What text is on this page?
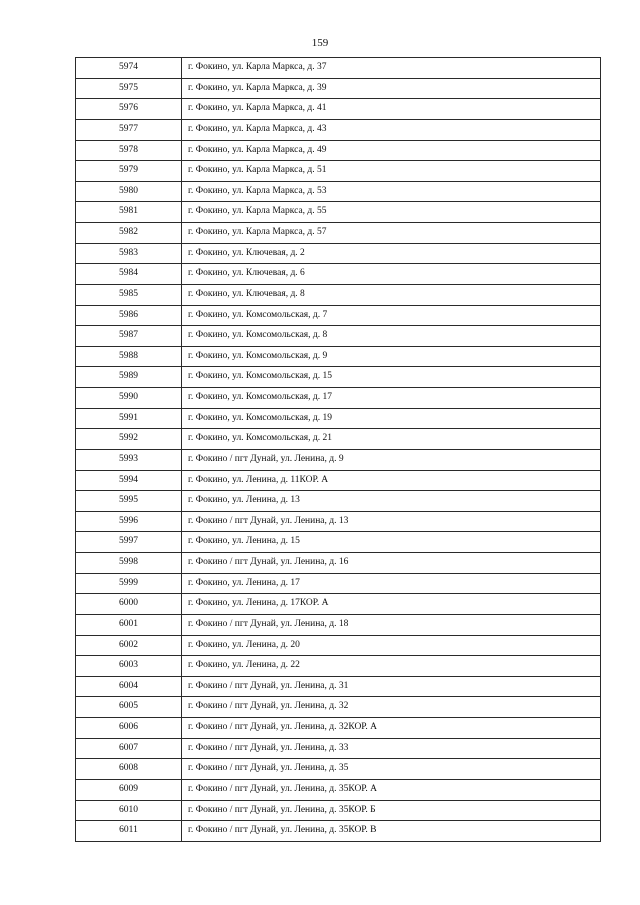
159
5974	г. Фокино, ул. Карла Маркса, д. 37
5975	г. Фокино, ул. Карла Маркса, д. 39
5976	г. Фокино, ул. Карла Маркса, д. 41
5977	г. Фокино, ул. Карла Маркса, д. 43
5978	г. Фокино, ул. Карла Маркса, д. 49
5979	г. Фокино, ул. Карла Маркса, д. 51
5980	г. Фокино, ул. Карла Маркса, д. 53
5981	г. Фокино, ул. Карла Маркса, д. 55
5982	г. Фокино, ул. Карла Маркса, д. 57
5983	г. Фокино, ул. Ключевая, д. 2
5984	г. Фокино, ул. Ключевая, д. 6
5985	г. Фокино, ул. Ключевая, д. 8
5986	г. Фокино, ул. Комсомольская, д. 7
5987	г. Фокино, ул. Комсомольская, д. 8
5988	г. Фокино, ул. Комсомольская, д. 9
5989	г. Фокино, ул. Комсомольская, д. 15
5990	г. Фокино, ул. Комсомольская, д. 17
5991	г. Фокино, ул. Комсомольская, д. 19
5992	г. Фокино, ул. Комсомольская, д. 21
5993	г. Фокино / пгт Дунай, ул. Ленина, д. 9
5994	г. Фокино, ул. Ленина, д. 11КОР. А
5995	г. Фокино, ул. Ленина, д. 13
5996	г. Фокино / пгт Дунай, ул. Ленина, д. 13
5997	г. Фокино, ул. Ленина, д. 15
5998	г. Фокино / пгт Дунай, ул. Ленина, д. 16
5999	г. Фокино, ул. Ленина, д. 17
6000	г. Фокино, ул. Ленина, д. 17КОР. А
6001	г. Фокино / пгт Дунай, ул. Ленина, д. 18
6002	г. Фокино, ул. Ленина, д. 20
6003	г. Фокино, ул. Ленина, д. 22
6004	г. Фокино / пгт Дунай, ул. Ленина, д. 31
6005	г. Фокино / пгт Дунай, ул. Ленина, д. 32
6006	г. Фокино / пгт Дунай, ул. Ленина, д. 32КОР. А
6007	г. Фокино / пгт Дунай, ул. Ленина, д. 33
6008	г. Фокино / пгт Дунай, ул. Ленина, д. 35
6009	г. Фокино / пгт Дунай, ул. Ленина, д. 35КОР. А
6010	г. Фокино / пгт Дунай, ул. Ленина, д. 35КОР. Б
6011	г. Фокино / пгт Дунай, ул. Ленина, д. 35КОР. В
